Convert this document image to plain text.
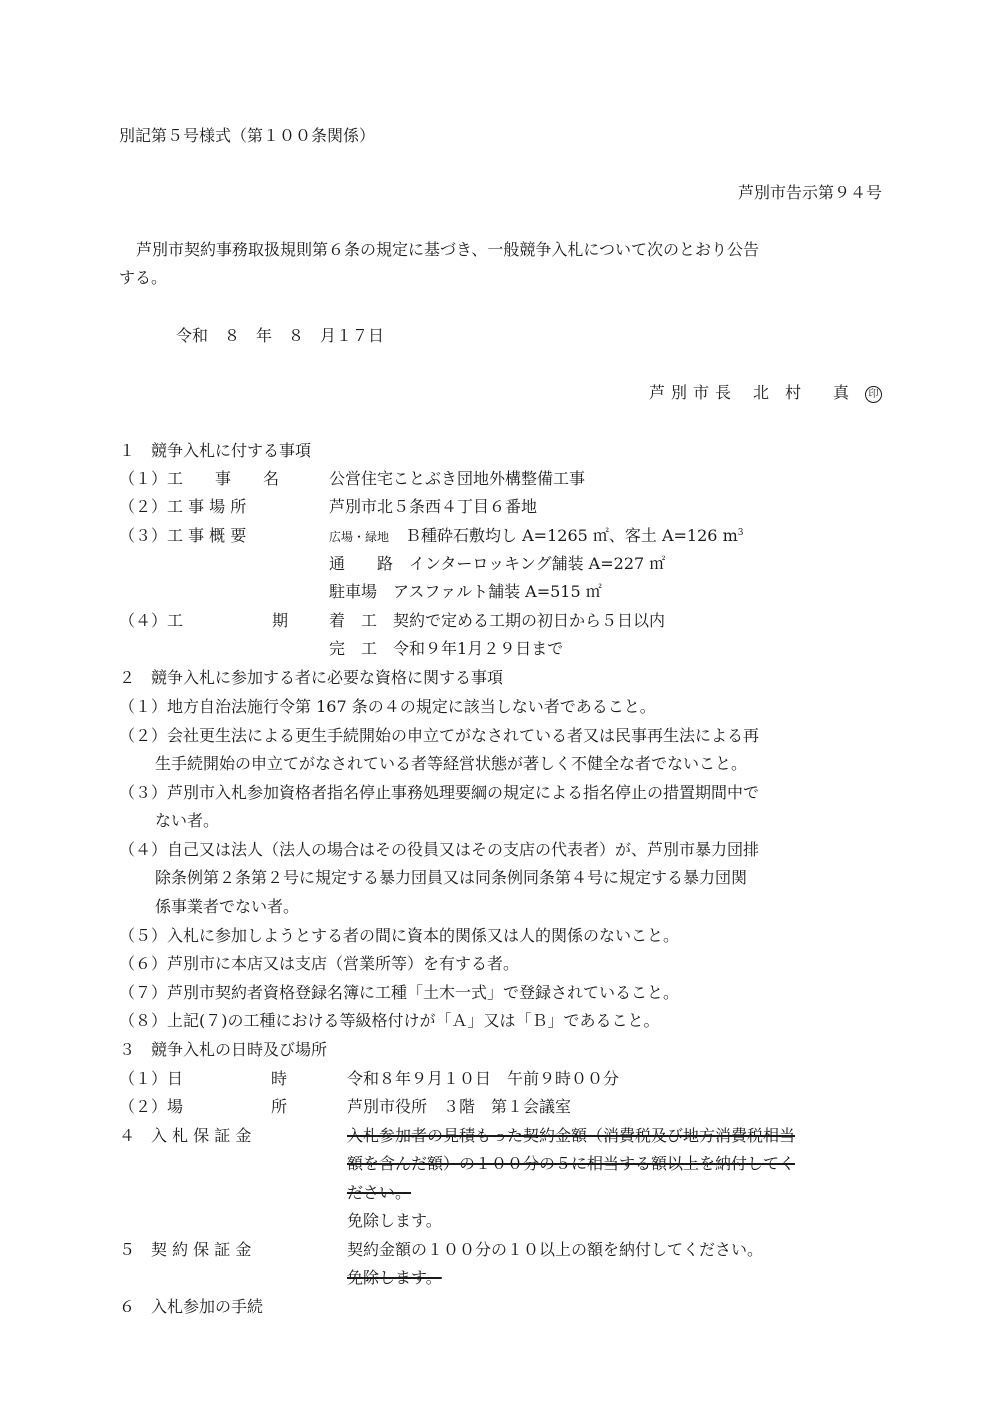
別記第５号様式（第１００条関係）
芦別市告示第９４号
芦別市契約事務取扱規則第６条の規定に基づき、一般競争入札について次のとおり公告
する。
令和　８　年　８　月１７日
芦別市長　 北　村　　真　 印
１　競争入札に付する事項
（１）工　　事　　名	公営住宅ことぶき団地外構整備工事
（２）工 事 場 所	芦別市北５条西４丁目６番地
（３）工 事 概 要	広場・緑地　 Ｂ種砕石敷均し A=1265 ㎡、客土 A=126 $m^3$
通　　路　 インターロッキング舗装 A=227 ㎡
駐車場　 アスファルト舗装 A=515 ㎡
（４）工	期	着　工　 契約で定める工期の初日から５日以内
完　工　 令和９年1月２９日まで
２　競争入札に参加する者に必要な資格に関する事項
（１）地方自治法施行令第 167 条の４の規定に該当しない者であること。
（２）会社更生法による更生手続開始の申立てがなされている者又は民事再生法による再
生手続開始の申立てがなされている者等経営状態が著しく不健全な者でないこと。
（３）芦別市入札参加資格者指名停止事務処理要綱の規定による指名停止の措置期間中で
ない者。
（４）自己又は法人（法人の場合はその役員又はその支店の代表者）が、芦別市暴力団排
除条例第２条第２号に規定する暴力団員又は同条例同条第４号に規定する暴力団関
係事業者でない者。
（５）入札に参加しようとする者の間に資本的関係又は人的関係のないこと。
（６）芦別市に本店又は支店（営業所等）を有する者。
（７）芦別市契約者資格登録名簿に工種「土木一式」で登録されていること。
（８）上記(７)の工種における等級格付けが「Ａ」又は「Ｂ」であること。
３　競争入札の日時及び場所
（１）日	時	令和８年９月１０日　午前９時００分
（２）場	所	芦別市役所　３階　第１会議室
４　入 札 保 証 金	入札参加者の見積もった契約金額（消費税及び地方消費税相当
額を含んだ額）の１００分の５に相当する額以上を納付してく
ださい。
免除します。
５　契 約 保 証 金	契約金額の１００分の１０以上の額を納付してください。
免除します。
６　入札参加の手続
